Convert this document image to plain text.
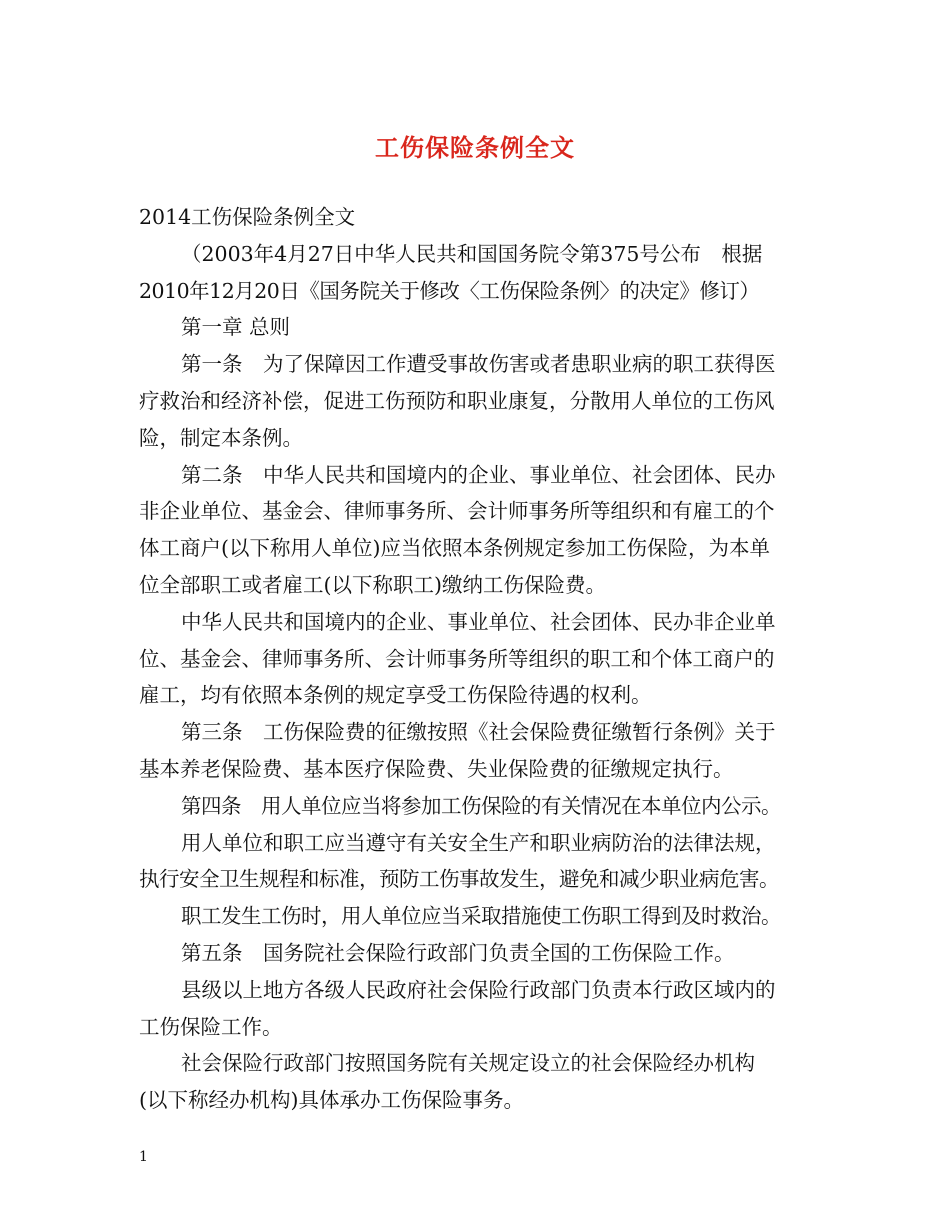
工伤保险条例全文

2014工伤保险条例全文

（2003年4月27日中华人民共和国国务院令第375号公布　根据

2010年12月20日《国务院关于修改〈工伤保险条例〉的决定》修订）

第一章 总则

第一条　为了保障因工作遭受事故伤害或者患职业病的职工获得医

疗救治和经济补偿，促进工伤预防和职业康复，分散用人单位的工伤风

险，制定本条例。

第二条　中华人民共和国境内的企业、事业单位、社会团体、民办

非企业单位、基金会、律师事务所、会计师事务所等组织和有雇工的个

体工商户(以下称用人单位)应当依照本条例规定参加工伤保险，为本单

位全部职工或者雇工(以下称职工)缴纳工伤保险费。

中华人民共和国境内的企业、事业单位、社会团体、民办非企业单

位、基金会、律师事务所、会计师事务所等组织的职工和个体工商户的

雇工，均有依照本条例的规定享受工伤保险待遇的权利。

第三条　工伤保险费的征缴按照《社会保险费征缴暂行条例》关于

基本养老保险费、基本医疗保险费、失业保险费的征缴规定执行。

第四条　用人单位应当将参加工伤保险的有关情况在本单位内公示。

用人单位和职工应当遵守有关安全生产和职业病防治的法律法规，

执行安全卫生规程和标准，预防工伤事故发生，避免和减少职业病危害。

职工发生工伤时，用人单位应当采取措施使工伤职工得到及时救治。

第五条　国务院社会保险行政部门负责全国的工伤保险工作。

县级以上地方各级人民政府社会保险行政部门负责本行政区域内的

工伤保险工作。

社会保险行政部门按照国务院有关规定设立的社会保险经办机构

(以下称经办机构)具体承办工伤保险事务。

1
